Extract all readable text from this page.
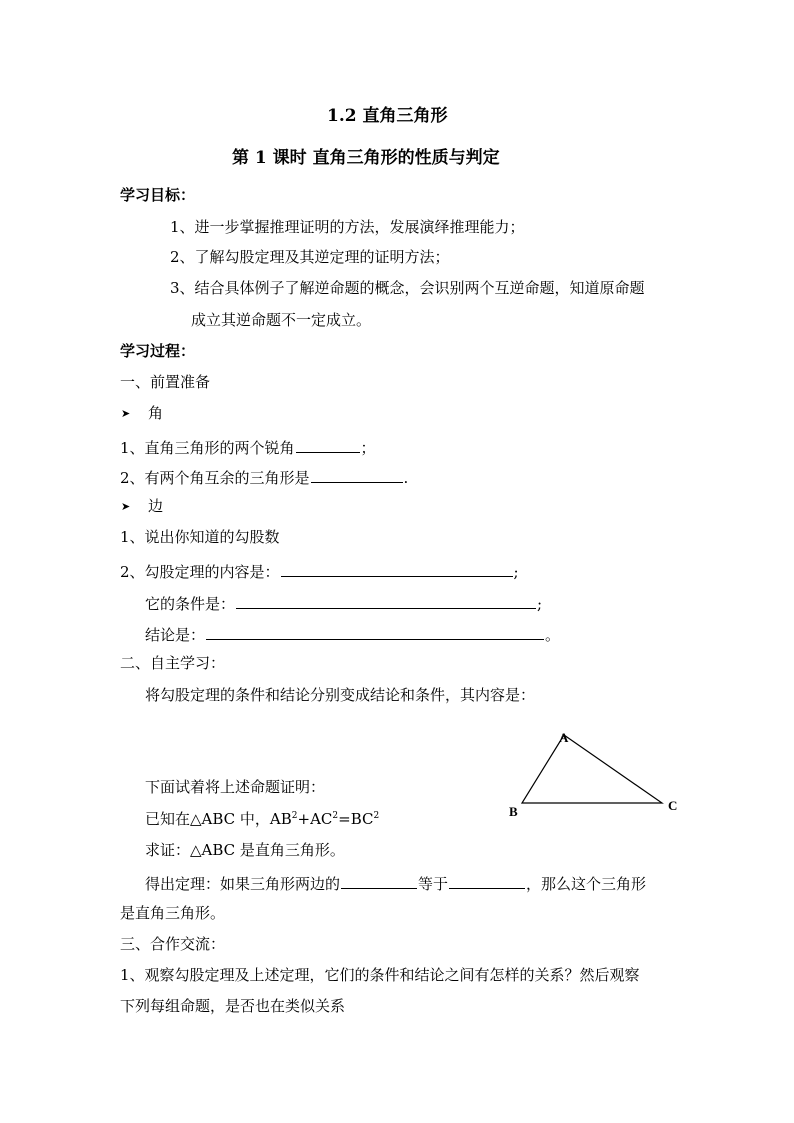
1.2 直角三角形
第 1 课时 直角三角形的性质与判定
学习目标：
1、进一步掌握推理证明的方法，发展演绎推理能力；
2、了解勾股定理及其逆定理的证明方法；
3、结合具体例子了解逆命题的概念，会识别两个互逆命题，知道原命题
成立其逆命题不一定成立。
学习过程：
一、前置准备
➤ 角
1、直角三角形的两个锐角	；
2、有两个角互余的三角形是	.
➤ 边
1、说出你知道的勾股数
2、勾股定理的内容是：	;
它的条件是：	;
结论是：	。
二、自主学习：
将勾股定理的条件和结论分别变成结论和条件，其内容是：
A
B	C
下面试着将上述命题证明：
已知在△ABC 中，$AB^2+AC^2=BC^2$
求证：△ABC 是直角三角形。
得出定理：如果三角形两边的	等于	，那么这个三角形
是直角三角形。
三、合作交流：
1、观察勾股定理及上述定理，它们的条件和结论之间有怎样的关系？然后观察
下列每组命题，是否也在类似关系
